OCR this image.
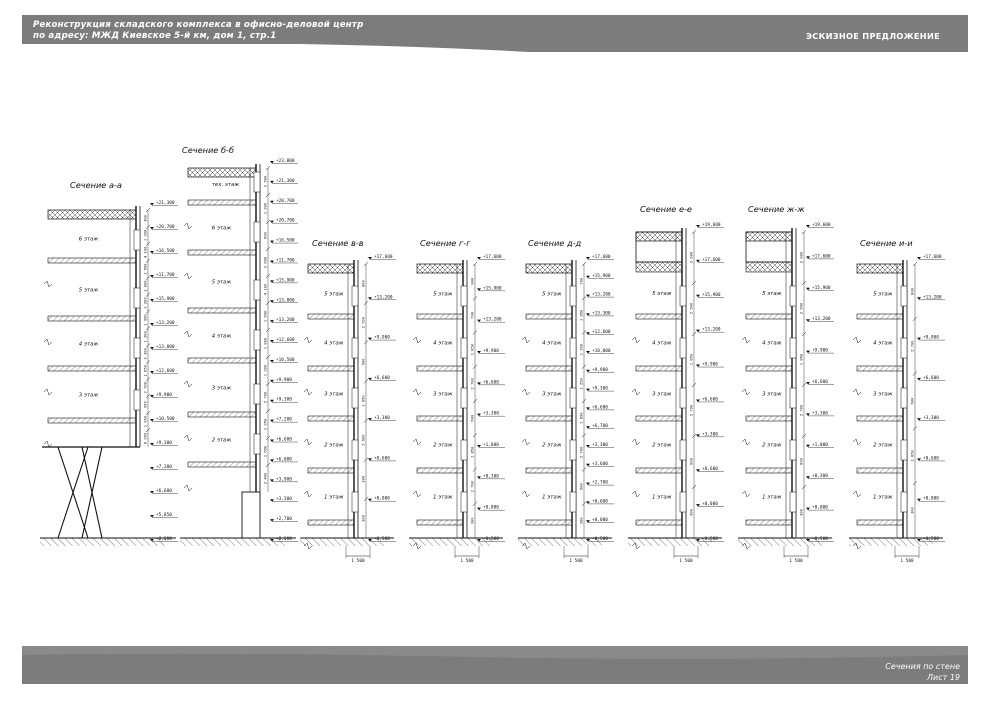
Реконструкция складского комплекса в офисно-деловой центр
по адресу: МЖД Киевское 5-й км, дом 1, стр.1	ЭСКИЗНОЕ ПРЕДЛОЖЕНИЕ
Сечения по стене
Лист 19
Сечение а-а
6 этаж
5 этаж
4 этаж
3 этаж
300
1 200
4 100
1 500
1 800
1 200
1 950
1 300
3 300
1 650
2 700
950
1 950
6 950
+21,300
+20,700
+16,500
+11,700
+15,900
+13,200
+13,800
+12,600
+9,900
+10,500
+9,300
+7,200
+6,600
+5,850
-0,500
Сечение б-б
тех. этаж
6 этаж
5 этаж
4 этаж
3 этаж
2 этаж
2 500
1 200
600
3 600
4 100
1 500
1 800
1 200
2 700
1 950
1 650
2 400
+23,800
+21,300
+20,700
+20,700
+16,500
+11,700
+15,900
+13,800
+13,200
+12,600
+10,500
+9,900
+9,300
+7,200
+6,600
+6,000
+3,900
+3,300
+2,700
-0,500
Сечение в-в
5 этаж
4 этаж
3 этаж
2 этаж
1 этаж
800
2 700
600
1 850
2 600
300
300
+17,600
+13,200
+9,900
+6,600
+3,300
+0,600
+0,000
-0,500
1 500
Сечение г-г
5 этаж
4 этаж
3 этаж
2 этаж
1 этаж
800
700
1 850
2 700
600
1 850
2 700
300
+17,600
+15,900
+13,200
+9,900
+6,600
+3,300
+1,000
+0,300
+0,000
-0,500
1 500
Сечение д-д
5 этаж
4 этаж
3 этаж
2 этаж
1 этаж
700
1 850
1 200
1 250
1 850
2 700
600
300
+17,600
+15,900
+13,200
+13,300
+12,600
+10,000
+9,900
+9,300
+6,600
+6,700
+3,300
+3,600
+2,700
+0,600
+0,000
-0,500
1 500
Сечение е-е
5 этаж
4 этаж
3 этаж
2 этаж
1 этаж
2 000
2 500
1 850
2 700
600
300
+19,600
+17,600
+15,900
+13,200
+9,900
+6,600
+3,300
+0,600
+0,000
-0,500
1 500
Сечение ж-ж
5 этаж
4 этаж
3 этаж
2 этаж
1 этаж
2 000
2 500
1 850
2 700
600
300
+19,600
+17,600
+15,900
+13,200
+9,900
+6,600
+3,300
+1,000
+0,300
+0,000
-0,500
1 500
Сечение и-и
5 этаж
4 этаж
3 этаж
2 этаж
1 этаж
800
2 700
600
1 850
300
+17,600
+13,200
+9,900
+6,600
+3,300
+0,600
+0,000
-0,500
1 500
